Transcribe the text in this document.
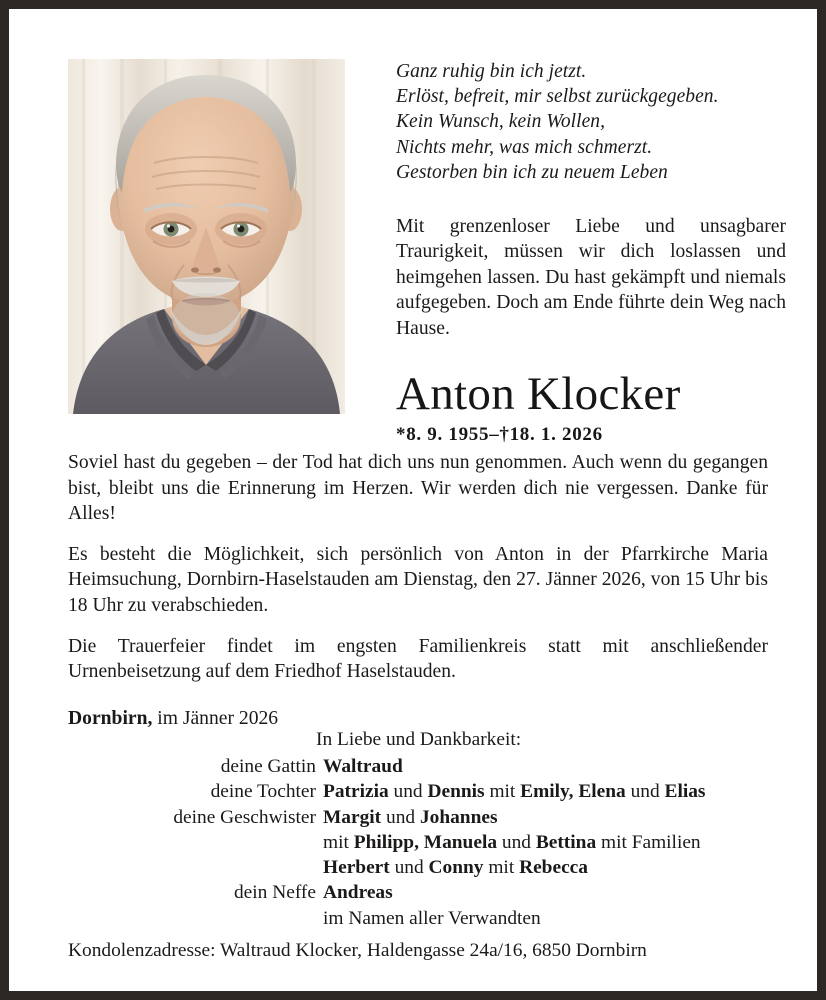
Ganz ruhig bin ich jetzt.
Erlöst, befreit, mir selbst zurückgegeben.
Kein Wunsch, kein Wollen,
Nichts mehr, was mich schmerzt.
Gestorben bin ich zu neuem Leben
Mit grenzenloser Liebe und unsagbarer Traurigkeit, müssen wir dich loslassen und heimgehen lassen. Du hast gekämpft und niemals aufgegeben. Doch am Ende führte dein Weg nach Hause.
Anton Klocker
*8. 9. 1955–†18. 1. 2026

Soviel hast du gegeben – der Tod hat dich uns nun genommen. Auch wenn du gegangen bist, bleibt uns die Erinnerung im Herzen. Wir werden dich nie vergessen. Danke für Alles!

Es besteht die Möglichkeit, sich persönlich von Anton in der Pfarrkirche Maria Heimsuchung, Dornbirn-Haselstauden am Dienstag, den 27. Jänner 2026, von 15 Uhr bis 18 Uhr zu verabschieden.

Die Trauerfeier findet im engsten Familienkreis statt mit anschließender Urnenbeisetzung auf dem Friedhof Haselstauden.

Dornbirn, im Jänner 2026
In Liebe und Dankbarkeit:
deine Gattin	Waltraud
deine Tochter	Patrizia und Dennis mit Emily, Elena und Elias
deine Geschwister	Margit und Johannes
	mit Philipp, Manuela und Bettina mit Familien
	Herbert und Conny mit Rebecca
dein Neffe	Andreas
	im Namen aller Verwandten
Kondolenzadresse: Waltraud Klocker, Haldengasse 24a/16, 6850 Dornbirn
